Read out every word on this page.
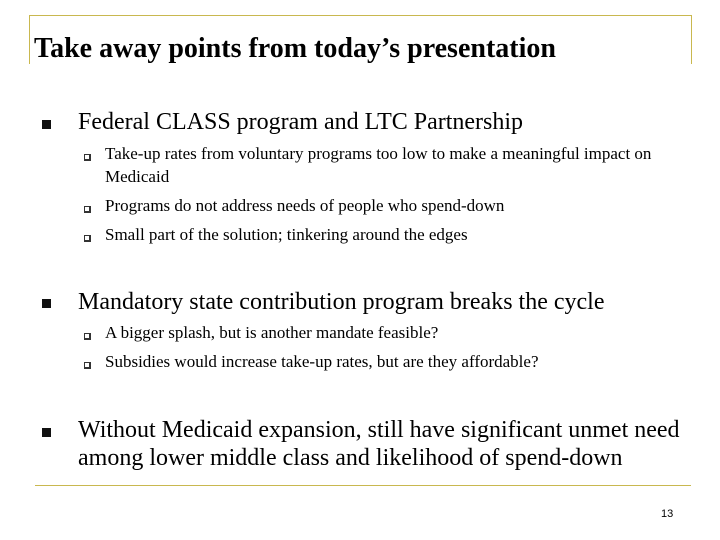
Take away points from today’s presentation
Federal CLASS program and LTC Partnership
Take-up rates from voluntary programs too low to make a meaningful impact on Medicaid
Programs do not address needs of people who spend-down
Small part of the solution; tinkering around the edges
Mandatory state contribution program breaks the cycle
A bigger splash, but is another mandate feasible?
Subsidies would increase take-up rates, but are they affordable?
Without Medicaid expansion, still have significant unmet need among lower middle class and likelihood of spend-down
13
